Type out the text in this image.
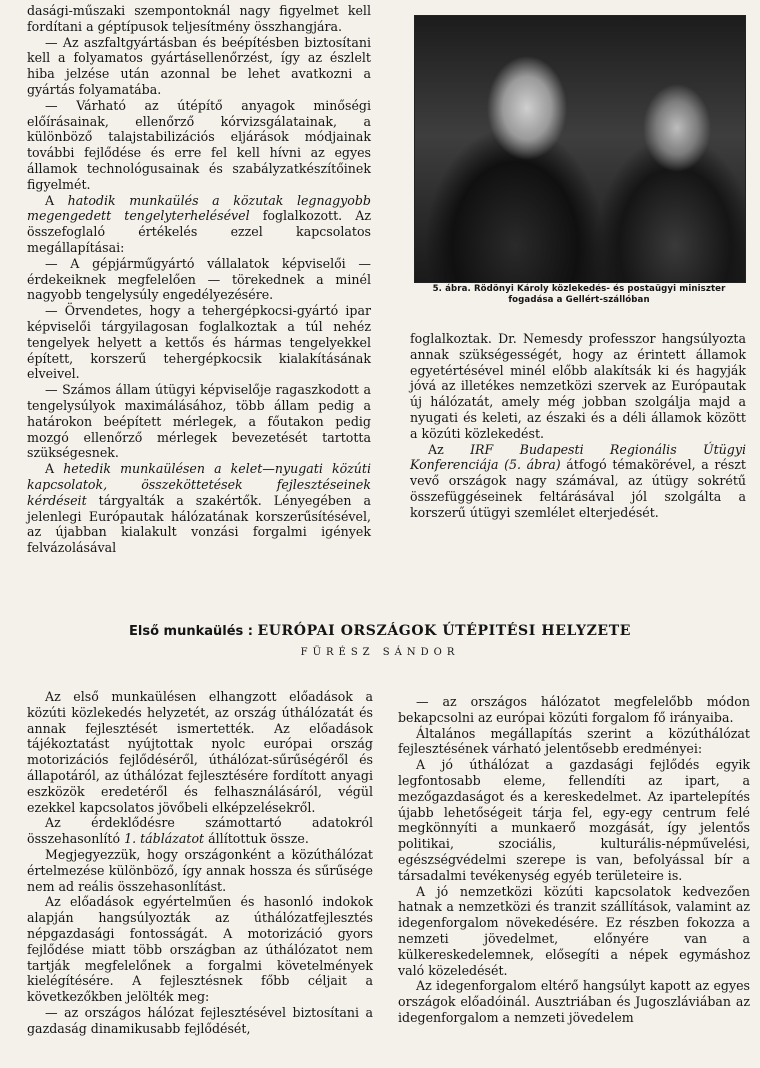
dasági-műszaki szempontoknál nagy figyelmet kell fordítani a géptípusok teljesítmény összhangjára.

— Az aszfaltgyártásban és beépítésben biztosítani kell a folyamatos gyártásellenőrzést, így az észlelt hiba jelzése után azonnal be lehet avatkozni a gyártás folyamatába.

— Várható az útépítő anyagok minőségi előírásainak, ellenőrző kórvizsgálatainak, a különböző talajstabilizációs eljárások módjainak további fejlődése és erre fel kell hívni az egyes államok technológusainak és szabályzatkészítőinek figyelmét.

A hatodik munkaülés a közutak legnagyobb megengedett tengelyterhelésével foglalkozott. Az összefoglaló értékelés ezzel kapcsolatos megállapításai:

— A gépjárműgyártó vállalatok képviselői — érdekeiknek megfelelően — törekednek a minél nagyobb tengelysúly engedélyezésére.

— Örvendetes, hogy a tehergépkocsi-gyártó ipar képviselői tárgyilagosan foglalkoztak a túl nehéz tengelyek helyett a kettős és hármas tengelyekkel épített, korszerű tehergépkocsik kialakításának elveivel.

— Számos állam útügyi képviselője ragaszkodott a tengelysúlyok maximálásához, több állam pedig a határokon beépített mérlegek, a főutakon pedig mozgó ellenőrző mérlegek bevezetését tartotta szükségesnek.

A hetedik munkaülésen a kelet—nyugati közúti kapcsolatok, összeköttetések fejlesztéseinek kérdéseit tárgyalták a szakértők. Lényegében a jelenlegi Európautak hálózatának korszerűsítésével, az újabban kialakult vonzási forgalmi igények felvázolásával

5. ábra. Rödönyi Károly közlekedés- és postaügyi miniszter fogadása a Gellért-szállóban

foglalkoztak. Dr. Nemesdy professzor hangsúlyozta annak szükségességét, hogy az érintett államok egyetértésével minél előbb alakítsák ki és hagyják jóvá az illetékes nemzetközi szervek az Európautak új hálózatát, amely még jobban szolgálja majd a nyugati és keleti, az északi és a déli államok között a közúti közlekedést.

Az IRF Budapesti Regionális Útügyi Konferenciája (5. ábra) átfogó témakörével, a részt vevő országok nagy számával, az útügy sokrétű összefüggéseinek feltárásával jól szolgálta a korszerű útügyi szemlélet elterjedését.

Első munkaülés : EURÓPAI ORSZÁGOK ÚTÉPITÉSI HELYZETE
FÜRÉSZ SÁNDOR

Az első munkaülésen elhangzott előadások a közúti közlekedés helyzetét, az ország úthálózatát és annak fejlesztését ismertették. Az előadások tájékoztatást nyújtottak nyolc európai ország motorizációs fejlődéséről, úthálózat-sűrűségéről és állapotáról, az úthálózat fejlesztésére fordított anyagi eszközök eredetéről és felhasználásáról, végül ezekkel kapcsolatos jövőbeli elképzelésekről.

Az érdeklődésre számottartó adatokról összehasonlító 1. táblázatot állítottuk össze.

Megjegyezzük, hogy országonként a közúthálózat értelmezése különböző, így annak hossza és sűrűsége nem ad reális összehasonlítást.

Az előadások egyértelműen és hasonló indokok alapján hangsúlyozták az úthálózatfejlesztés népgazdasági fontosságát. A motorizáció gyors fejlődése miatt több országban az úthálózatot nem tartják megfelelőnek a forgalmi követelmények kielégítésére. A fejlesztésnek főbb céljait a következőkben jelölték meg:

— az országos hálózat fejlesztésével biztosítani a gazdaság dinamikusabb fejlődését,

— az országos hálózatot megfelelőbb módon bekapcsolni az európai közúti forgalom fő irányaiba.

Általános megállapítás szerint a közúthálózat fejlesztésének várható jelentősebb eredményei:

A jó úthálózat a gazdasági fejlődés egyik legfontosabb eleme, fellendíti az ipart, a mezőgazdaságot és a kereskedelmet. Az ipartelepítés újabb lehetőségeit tárja fel, egy-egy centrum felé megkönnyíti a munkaerő mozgását, így jelentős politikai, szociális, kulturális-népművelési, egészségvédelmi szerepe is van, befolyással bír a társadalmi tevékenység egyéb területeire is.

A jó nemzetközi közúti kapcsolatok kedvezően hatnak a nemzetközi és tranzit szállítások, valamint az idegenforgalom növekedésére. Ez részben fokozza a nemzeti jövedelmet, előnyére van a külkereskedelemnek, elősegíti a népek egymáshoz való közeledését.

Az idegenforgalom eltérő hangsúlyt kapott az egyes országok előadóinál. Ausztriában és Jugoszláviában az idegenforgalom a nemzeti jövedelem
